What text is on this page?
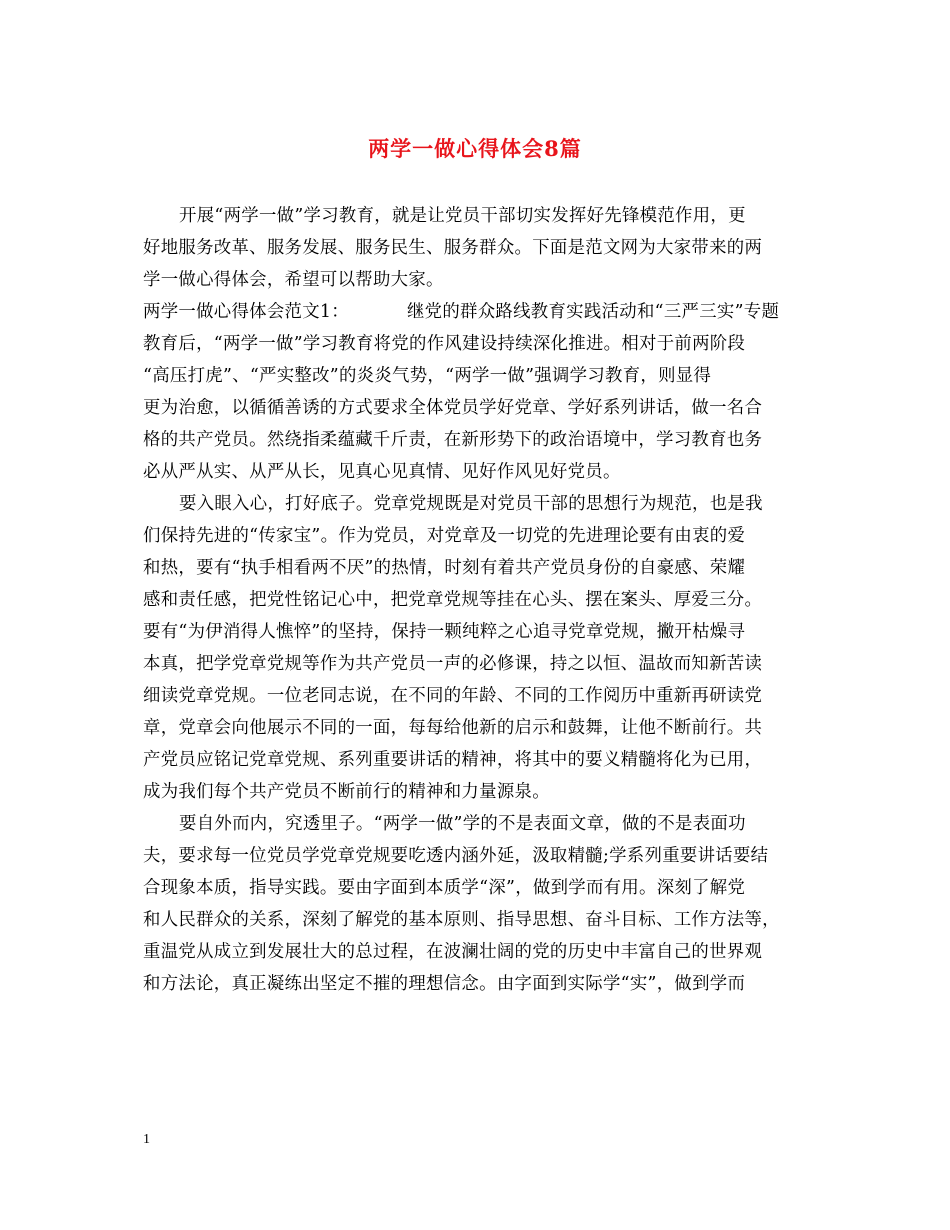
两学一做心得体会8篇
开展“两学一做”学习教育，就是让党员干部切实发挥好先锋模范作用，更
好地服务改革、服务发展、服务民生、服务群众。下面是范文网为大家带来的两
学一做心得体会，希望可以帮助大家。
两学一做心得体会范文1：	继党的群众路线教育实践活动和“三严三实”专题
教育后，“两学一做”学习教育将党的作风建设持续深化推进。相对于前两阶段
“高压打虎”、“严实整改”的炎炎气势，“两学一做”强调学习教育，则显得
更为治愈，以循循善诱的方式要求全体党员学好党章、学好系列讲话，做一名合
格的共产党员。然绕指柔蕴藏千斤责，在新形势下的政治语境中，学习教育也务
必从严从实、从严从长，见真心见真情、见好作风见好党员。
要入眼入心，打好底子。党章党规既是对党员干部的思想行为规范，也是我
们保持先进的“传家宝”。作为党员，对党章及一切党的先进理论要有由衷的爱
和热，要有“执手相看两不厌”的热情，时刻有着共产党员身份的自豪感、荣耀
感和责任感，把党性铭记心中，把党章党规等挂在心头、摆在案头、厚爱三分。
要有“为伊消得人憔悴”的坚持，保持一颗纯粹之心追寻党章党规，撇开枯燥寻
本真，把学党章党规等作为共产党员一声的必修课，持之以恒、温故而知新苦读
细读党章党规。一位老同志说，在不同的年龄、不同的工作阅历中重新再研读党
章，党章会向他展示不同的一面，每每给他新的启示和鼓舞，让他不断前行。共
产党员应铭记党章党规、系列重要讲话的精神，将其中的要义精髓将化为已用，
成为我们每个共产党员不断前行的精神和力量源泉。
要自外而内，究透里子。“两学一做”学的不是表面文章，做的不是表面功
夫，要求每一位党员学党章党规要吃透内涵外延，汲取精髓;学系列重要讲话要结
合现象本质，指导实践。要由字面到本质学“深”，做到学而有用。深刻了解党
和人民群众的关系，深刻了解党的基本原则、指导思想、奋斗目标、工作方法等，
重温党从成立到发展壮大的总过程，在波澜壮阔的党的历史中丰富自己的世界观
和方法论，真正凝练出坚定不摧的理想信念。由字面到实际学“实”，做到学而
1
